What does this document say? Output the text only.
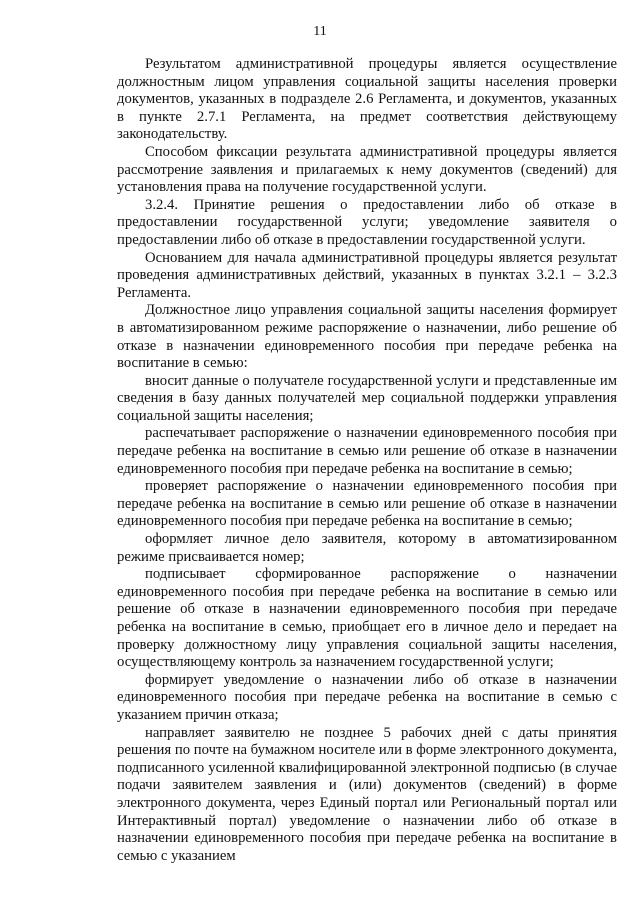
11

Результатом административной процедуры является осуществление должностным лицом управления социальной защиты населения проверки документов, указанных в подразделе 2.6 Регламента, и документов, указанных в пункте 2.7.1 Регламента, на предмет соответствия действующему законодательству.

Способом фиксации результата административной процедуры является рассмотрение заявления и прилагаемых к нему документов (сведений) для установления права на получение государственной услуги.

3.2.4. Принятие решения о предоставлении либо об отказе в предоставлении государственной услуги; уведомление заявителя о предоставлении либо об отказе в предоставлении государственной услуги.

Основанием для начала административной процедуры является результат проведения административных действий, указанных в пунктах 3.2.1 – 3.2.3 Регламента.

Должностное лицо управления социальной защиты населения формирует в автоматизированном режиме распоряжение о назначении, либо решение об отказе в назначении единовременного пособия при передаче ребенка на воспитание в семью:

вносит данные о получателе государственной услуги и представленные им сведения в базу данных получателей мер социальной поддержки управления социальной защиты населения;

распечатывает распоряжение о назначении единовременного пособия при передаче ребенка на воспитание в семью или решение об отказе в назначении единовременного пособия при передаче ребенка на воспитание в семью;

проверяет распоряжение о назначении единовременного пособия при передаче ребенка на воспитание в семью или решение об отказе в назначении единовременного пособия при передаче ребенка на воспитание в семью;

оформляет личное дело заявителя, которому в автоматизированном режиме присваивается номер;

подписывает сформированное распоряжение о назначении единовременного пособия при передаче ребенка на воспитание в семью или решение об отказе в назначении единовременного пособия при передаче ребенка на воспитание в семью, приобщает его в личное дело и передает на проверку должностному лицу управления социальной защиты населения, осуществляющему контроль за назначением государственной услуги;

формирует уведомление о назначении либо об отказе в назначении единовременного пособия при передаче ребенка на воспитание в семью с указанием причин отказа;

направляет заявителю не позднее 5 рабочих дней с даты принятия решения по почте на бумажном носителе или в форме электронного документа, подписанного усиленной квалифицированной электронной подписью (в случае подачи заявителем заявления и (или) документов (сведений) в форме электронного документа, через Единый портал или Региональный портал или Интерактивный портал) уведомление о назначении либо об отказе в назначении единовременного пособия при передаче ребенка на воспитание в семью с указанием
